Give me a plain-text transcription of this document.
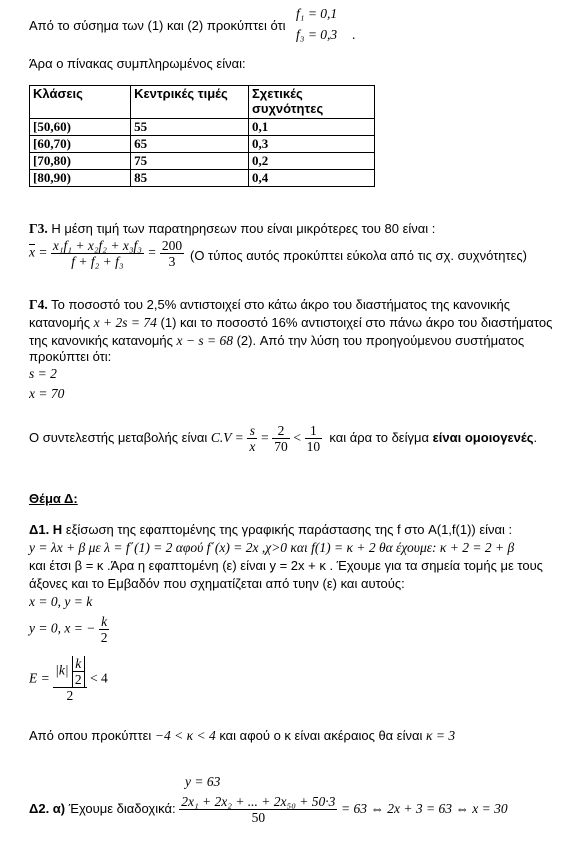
Από το σύσημα των (1) και (2) προκύπτει ότι
f₁ = 0,1
f₃ = 0,3 .
Άρα ο πίνακας συμπληρωμένος είναι:
Κλάσεις	Κεντρικές τιμές	Σχετικές συχνότητες
[50,60)	55	0,1
[60,70)	65	0,3
[70,80)	75	0,2
[80,90)	85	0,4
Γ3. Η μέση τιμή των παρατηρησεων που είναι μικρότερες του 80 είναι :
$\overline{x} = \frac{\text{x₁f₁ + x₂f₂ + x₃f₃}}{\text{f + f₂ + f₃}} = \frac{200}{3} (O$ τύπος αυτός προκύπτει εύκολα από τις σχ. συχνότητες)
Γ4. Το ποσοστό του 2,5% αντιστοιχεί στο κάτω άκρο του διαστήματος της κανονικής
κατανομής x + 2s = 74 (1) και το ποσοστό 16% αντιστοιχεί στο πάνω άκρο του διαστήματος
της κανονικής κατανομής x − s = 68 (2). Από την λύση του προηγούμενου συστήματος
προκύπτει ότι:
s = 2
x = 70
Ο συντελεστής μεταβολής είναι $C.V = \frac{s}{x} = \frac{2}{70} < \frac{1}{10}$ και άρα το δείγμα είναι ομοιογενές.
Θέμα Δ:
Δ1. Η εξίσωση της εφαπτομένης της γραφικής παράστασης της f στο A(1,f(1)) είναι :
y = λx + β με λ = f΄(1) = 2 αφού f΄(x) = 2x ,χ>0 και f(1) = κ + 2 θα έχουμε: κ + 2 = 2 + β
και έτσι β = κ .Άρα η εφαπτομένη (ε) είναι y = 2x + κ . Έχουμε για τα σημεία τομής με τους
άξονες και το Εμβαδόν που σχηματίζεται από τυην (ε) και αυτούς:
x = 0, y = k
y = 0, x = − $\frac{k}{2}$
$E = \frac{|k| \frac{k}{2}}{2} < 4$
Από οπου προκύπτει −4 < κ < 4 και αφού ο κ είναι ακέραιος θα είναι κ = 3
y = 63
Δ2. α) Έχουμε διαδοχικά: $\frac{\text{2x₁ + 2x₂ + ... + 2x₅₀ + 50·3}}{50} = 63$ ⇔ 2x + 3 = 63 ⇔ x = 30
